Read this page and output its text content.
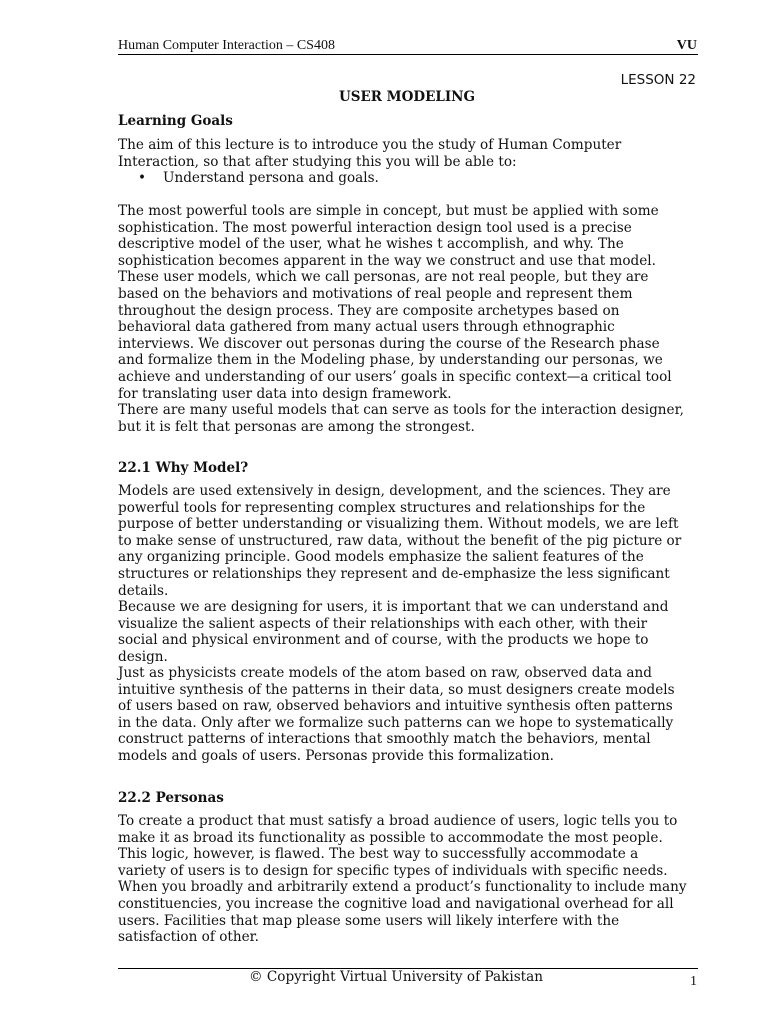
Human Computer Interaction – CS408	VU
LESSON 22
USER MODELING
Learning Goals

The aim of this lecture is to introduce you the study of Human Computer
Interaction, so that after studying this you will be able to:

• Understand persona and goals.

The most powerful tools are simple in concept, but must be applied with some
sophistication. The most powerful interaction design tool used is a precise
descriptive model of the user, what he wishes t accomplish, and why. The
sophistication becomes apparent in the way we construct and use that model.
These user models, which we call personas, are not real people, but they are
based on the behaviors and motivations of real people and represent them
throughout the design process. They are composite archetypes based on
behavioral data gathered from many actual users through ethnographic
interviews. We discover out personas during the course of the Research phase
and formalize them in the Modeling phase, by understanding our personas, we
achieve and understanding of our users’ goals in specific context—a critical tool
for translating user data into design framework.

There are many useful models that can serve as tools for the interaction designer,
but it is felt that personas are among the strongest.

22.1 Why Model?

Models are used extensively in design, development, and the sciences. They are
powerful tools for representing complex structures and relationships for the
purpose of better understanding or visualizing them. Without models, we are left
to make sense of unstructured, raw data, without the benefit of the pig picture or
any organizing principle. Good models emphasize the salient features of the
structures or relationships they represent and de-emphasize the less significant
details.

Because we are designing for users, it is important that we can understand and
visualize the salient aspects of their relationships with each other, with their
social and physical environment and of course, with the products we hope to
design.

Just as physicists create models of the atom based on raw, observed data and
intuitive synthesis of the patterns in their data, so must designers create models
of users based on raw, observed behaviors and intuitive synthesis often patterns
in the data. Only after we formalize such patterns can we hope to systematically
construct patterns of interactions that smoothly match the behaviors, mental
models and goals of users. Personas provide this formalization.

22.2 Personas

To create a product that must satisfy a broad audience of users, logic tells you to
make it as broad its functionality as possible to accommodate the most people.
This logic, however, is flawed. The best way to successfully accommodate a
variety of users is to design for specific types of individuals with specific needs.
When you broadly and arbitrarily extend a product’s functionality to include many
constituencies, you increase the cognitive load and navigational overhead for all
users. Facilities that map please some users will likely interfere with the
satisfaction of other.

© Copyright Virtual University of Pakistan	1
